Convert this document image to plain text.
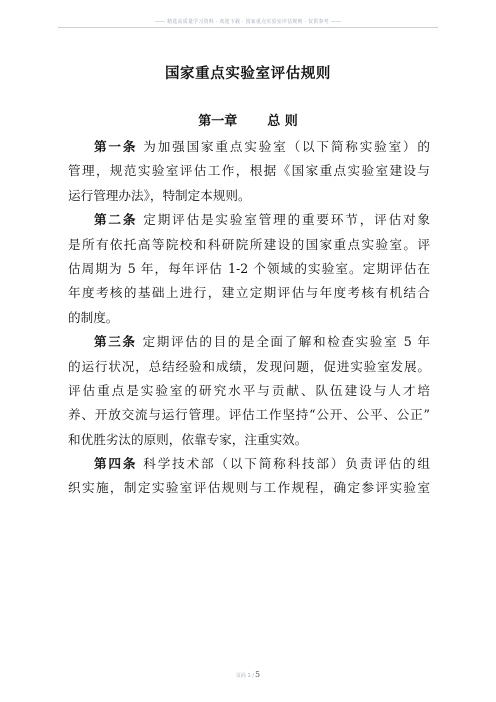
—— 精选高质量学习资料 · 欢迎下载 · 国家重点实验室评估规则 · 仅供参考 ——
国家重点实验室评估规则
第一章 总 则
第一条 为加强国家重点实验室（以下简称实验室）的
管理，规范实验室评估工作，根据《国家重点实验室建设与
运行管理办法》，特制定本规则。
第二条 定期评估是实验室管理的重要环节，评估对象
是所有依托高等院校和科研院所建设的国家重点实验室。评
估周期为 5 年，每年评估 1-2 个领域的实验室。定期评估在
年度考核的基础上进行，建立定期评估与年度考核有机结合
的制度。
第三条 定期评估的目的是全面了解和检查实验室 5 年
的运行状况，总结经验和成绩，发现问题，促进实验室发展。
评估重点是实验室的研究水平与贡献、队伍建设与人才培
养、开放交流与运行管理。评估工作坚持“公开、公平、公正”
和优胜劣汰的原则，依靠专家，注重实效。
第四条 科学技术部（以下简称科技部）负责评估的组
织实施，制定实验室评估规则与工作规程，确定参评实验室
页码 1 /5
